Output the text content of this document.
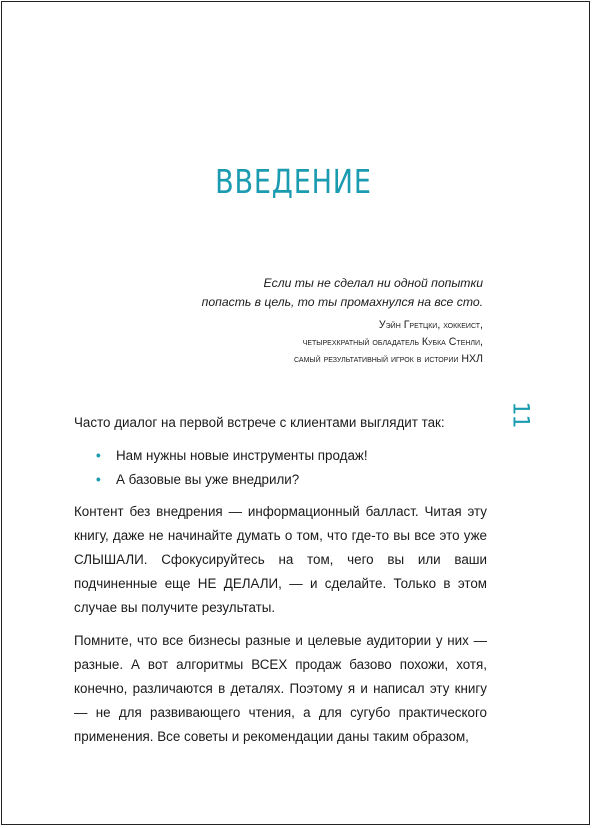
ВВЕДЕНИЕ

Если ты не сделал ни одной попытки

попасть в цель, то ты промахнулся на все сто.

Уэйн Гретцки, хоккеист,

четырехкратный обладатель Кубка Стенли,

самый результативный игрок в истории НХЛ

11

Часто диалог на первой встрече с клиентами выглядит так:

• Нам нужны новые инструменты продаж!
• А базовые вы уже внедрили?

Контент без внедрения — информационный балласт. Читая эту книгу, даже не начинайте думать о том, что где-то вы все это уже СЛЫШАЛИ. Сфокусируйтесь на том, чего вы или ваши подчиненные еще НЕ ДЕЛАЛИ, — и сделайте. Только в этом случае вы получите результаты.

Помните, что все бизнесы разные и целевые аудитории у них — разные. А вот алгоритмы ВСЕХ продаж базово похожи, хотя, конечно, различаются в деталях. Поэтому я и написал эту книгу — не для развивающего чтения, а для сугубо практического применения. Все советы и рекомендации даны таким образом,
